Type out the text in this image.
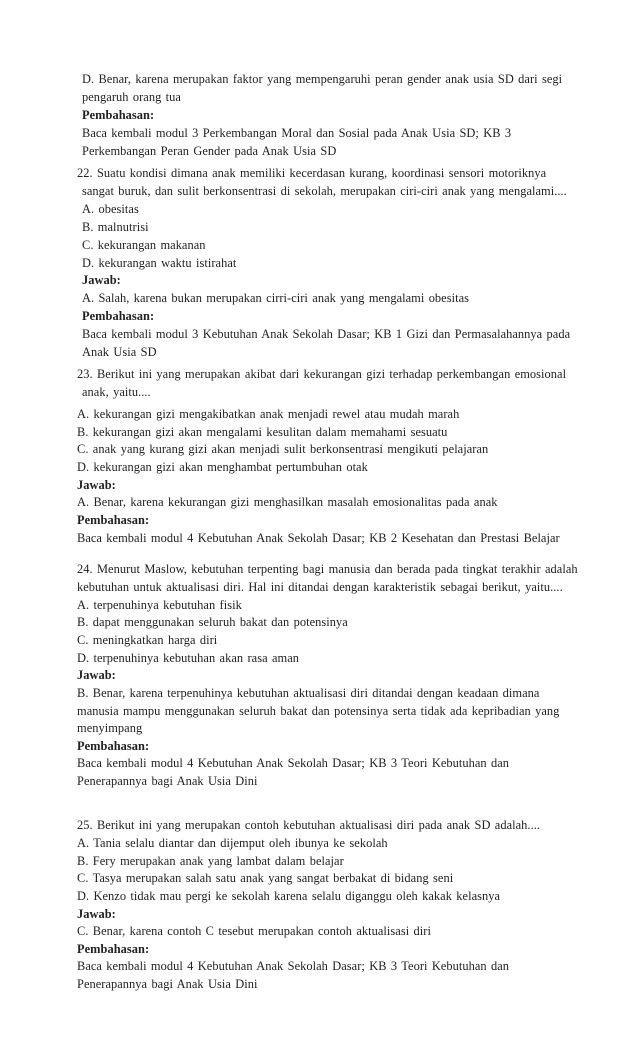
D. Benar, karena merupakan faktor yang mempengaruhi peran gender anak usia SD dari segi
pengaruh orang tua
Pembahasan:
Baca kembali modul 3 Perkembangan Moral dan Sosial pada Anak Usia SD; KB 3
Perkembangan Peran Gender pada Anak Usia SD
22. Suatu kondisi dimana anak memiliki kecerdasan kurang, koordinasi sensori motoriknya
sangat buruk, dan sulit berkonsentrasi di sekolah, merupakan ciri-ciri anak yang mengalami....
A. obesitas
B. malnutrisi
C. kekurangan makanan
D. kekurangan waktu istirahat
Jawab:
A. Salah, karena bukan merupakan cirri-ciri anak yang mengalami obesitas
Pembahasan:
Baca kembali modul 3 Kebutuhan Anak Sekolah Dasar; KB 1 Gizi dan Permasalahannya pada
Anak Usia SD
23. Berikut ini yang merupakan akibat dari kekurangan gizi terhadap perkembangan emosional
anak, yaitu....
A. kekurangan gizi mengakibatkan anak menjadi rewel atau mudah marah
B. kekurangan gizi akan mengalami kesulitan dalam memahami sesuatu
C. anak yang kurang gizi akan menjadi sulit berkonsentrasi mengikuti pelajaran
D. kekurangan gizi akan menghambat pertumbuhan otak
Jawab:
A. Benar, karena kekurangan gizi menghasilkan masalah emosionalitas pada anak
Pembahasan:
Baca kembali modul 4 Kebutuhan Anak Sekolah Dasar; KB 2 Kesehatan dan Prestasi Belajar
24. Menurut Maslow, kebutuhan terpenting bagi manusia dan berada pada tingkat terakhir adalah
kebutuhan untuk aktualisasi diri. Hal ini ditandai dengan karakteristik sebagai berikut, yaitu....
A. terpenuhinya kebutuhan fisik
B. dapat menggunakan seluruh bakat dan potensinya
C. meningkatkan harga diri
D. terpenuhinya kebutuhan akan rasa aman
Jawab:
B. Benar, karena terpenuhinya kebutuhan aktualisasi diri ditandai dengan keadaan dimana
manusia mampu menggunakan seluruh bakat dan potensinya serta tidak ada kepribadian yang
menyimpang
Pembahasan:
Baca kembali modul 4 Kebutuhan Anak Sekolah Dasar; KB 3 Teori Kebutuhan dan
Penerapannya bagi Anak Usia Dini
25. Berikut ini yang merupakan contoh kebutuhan aktualisasi diri pada anak SD adalah....
A. Tania selalu diantar dan dijemput oleh ibunya ke sekolah
B. Fery merupakan anak yang lambat dalam belajar
C. Tasya merupakan salah satu anak yang sangat berbakat di bidang seni
D. Kenzo tidak mau pergi ke sekolah karena selalu diganggu oleh kakak kelasnya
Jawab:
C. Benar, karena contoh C tesebut merupakan contoh aktualisasi diri
Pembahasan:
Baca kembali modul 4 Kebutuhan Anak Sekolah Dasar; KB 3 Teori Kebutuhan dan
Penerapannya bagi Anak Usia Dini
